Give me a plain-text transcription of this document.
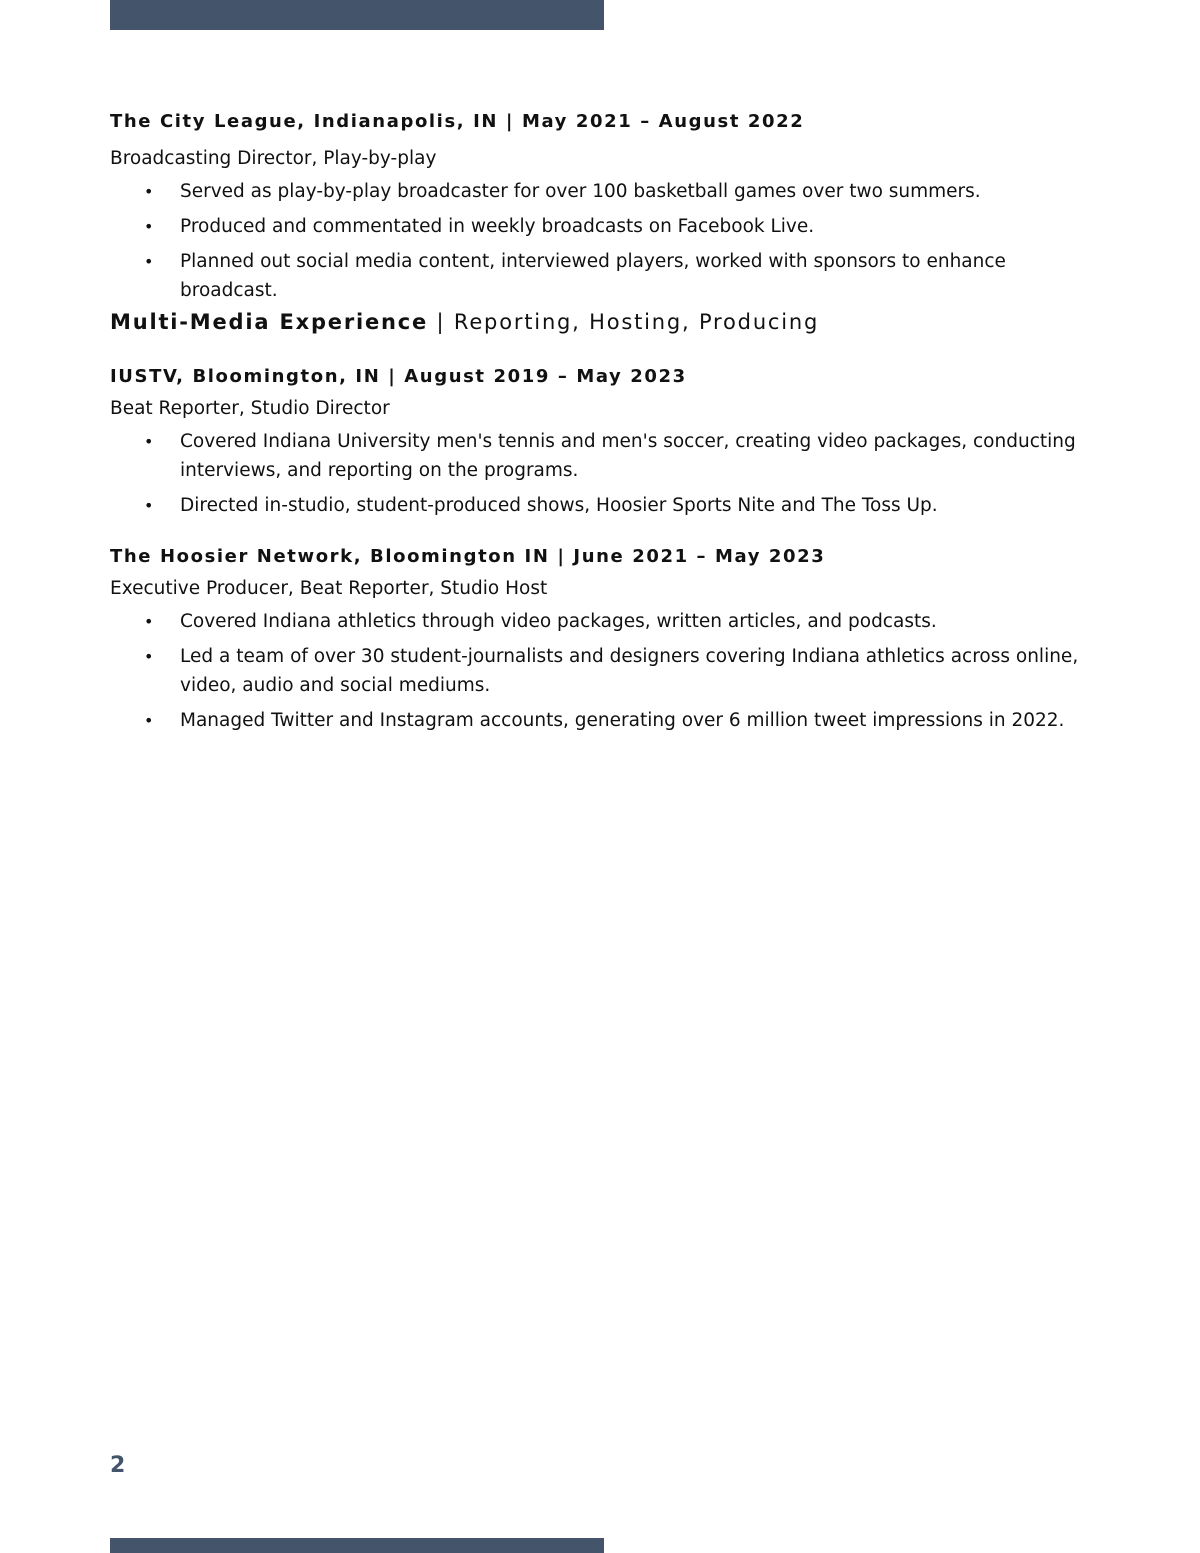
The City League, Indianapolis, IN | May 2021 – August 2022

Broadcasting Director, Play-by-play

• Served as play-by-play broadcaster for over 100 basketball games over two summers.
• Produced and commentated in weekly broadcasts on Facebook Live.
• Planned out social media content, interviewed players, worked with sponsors to enhance broadcast.
Multi-Media Experience | Reporting, Hosting, Producing
IUSTV, Bloomington, IN | August 2019 – May 2023

Beat Reporter, Studio Director

• Covered Indiana University men's tennis and men's soccer, creating video packages, conducting interviews, and reporting on the programs.
• Directed in-studio, student-produced shows, Hoosier Sports Nite and The Toss Up.
The Hoosier Network, Bloomington IN | June 2021 – May 2023

Executive Producer, Beat Reporter, Studio Host

• Covered Indiana athletics through video packages, written articles, and podcasts.
• Led a team of over 30 student-journalists and designers covering Indiana athletics across online, video, audio and social mediums.
• Managed Twitter and Instagram accounts, generating over 6 million tweet impressions in 2022.
2
